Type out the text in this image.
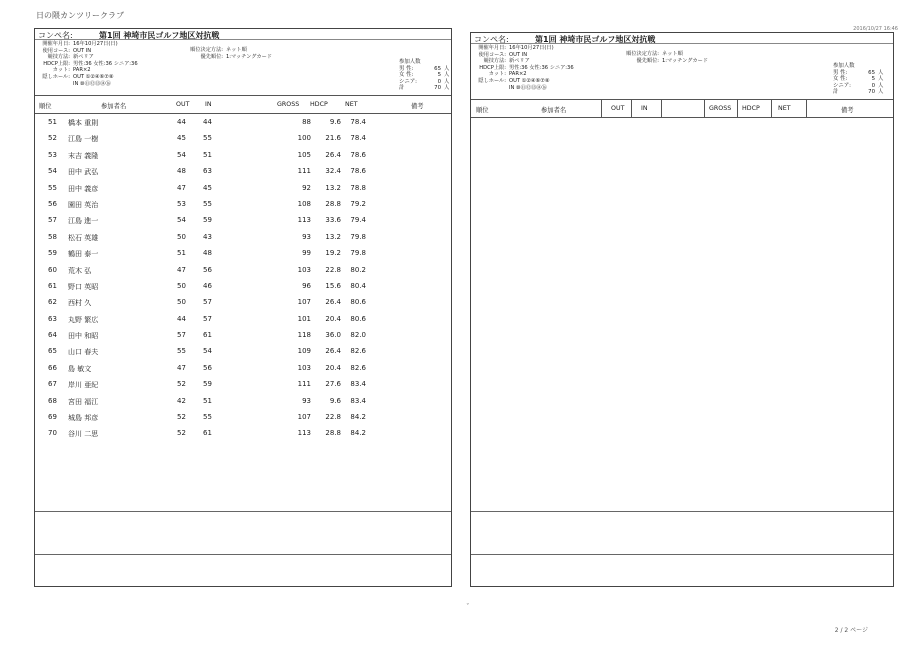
日の隈カンツリークラブ
2016/10/27 16:46
コンペ名:	第1回 神埼市民ゴルフ地区対抗戦
開催年月日: 16年10月27日(日)
使用コース: OUT IN
競技方法: 新ペリア
HDCP上限: 男性:36 女性:36 シニア:36
カット: PAR×2
隠しホール: OUT ①②④⑥⑦⑧
IN ⑩⑪⑫⑬⑭⑯
順位決定方法: ネット順
優先順位: 1:マッチングカード
参加人数
男 性:	65 人
女 性:	5 人
シニア:	0 人
計	70 人
順位	参加者名	OUT IN	GROSS HDCP	NET	備考
51 橋本 重則	44 44	88	9.6	78.4
52 江島 一樹	45 55	100	21.6	78.4
53 末吉 義隆	54 51	105	26.4	78.6
54 田中 武弘	48 63	111	32.4	78.6
55 田中 義彦	47 45	92	13.2	78.8
56 園田 英治	53 55	108	28.8	79.2
57 江島 進一	54 59	113	33.6	79.4
58 松石 英雄	50 43	93	13.2	79.8
59 鶴田 泰一	51 48	99	19.2	79.8
60 荒木 弘	47 56	103	22.8	80.2
61 野口 英昭	50 46	96	15.6	80.4
62 西村 久	50 57	107	26.4	80.6
63 丸野 繁広	44 57	101	20.4	80.6
64 田中 和昭	57 61	118	36.0	82.0
65 山口 春夫	55 54	109	26.4	82.6
66 島 敏文	47 56	103	20.4	82.6
67 岸川 亜紀	52 59	111	27.6	83.4
68 宮田 福江	42 51	93	9.6	83.4
69 城島 邦彦	52 55	107	22.8	84.2
70 谷川 二思	52 61	113	28.8	84.2
コンペ名:	第1回 神埼市民ゴルフ地区対抗戦
開催年月日: 16年10月27日(日)
使用コース: OUT IN
競技方法: 新ペリア
HDCP上限: 男性:36 女性:36 シニア:36
カット: PAR×2
隠しホール: OUT ①②④⑥⑦⑧
IN ⑩⑪⑫⑬⑭⑯
順位決定方法: ネット順
優先順位: 1:マッチングカード
参加人数
男 性:	65 人
女 性:	5 人
シニア:	0 人
計	70 人
順位	参加者名	OUT	IN	GROSS HDCP	NET	備考
ˇ
2 / 2 ページ
